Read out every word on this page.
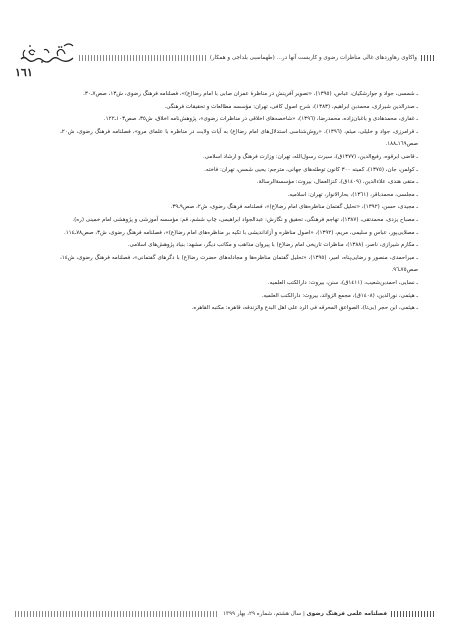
واکاوی رهاوردهای غالی مناظرات رضوی و کاربست آنها در... (طهماسبی بلداجی و همکار)
١٦١

ـ شمسی، جواد و جوارشکیان، عباس، (١٣٩٥)، «تصویر آفرینش در مناظرۀ عمران صابی با امام رضا(ع)»، فصلنامه فرهنگ رضوی، ش١٣، صص٧ـ٣٠.

ـ صدرالدین شیرازی، محمدبن ابراهیم، (١٣٨٣)، شرح اصول کافی، تهران: مؤسسه مطالعات و تحقیقات فرهنگی.

ـ غفاری، محمدهادی و باغبان‌زاده، محمدرضا، (١٣٩٦)، «شاخصه‌های اخلاقی در مناظرات رضوی»، پژوهش‌نامه اخلاق، ش٣٥، صص١٠٣ـ١٢٢.

ـ قرامرزی، جواد و خلیلی، میثم، (١٣٩٦)، «روش‌شناسی استدلال‌های امام رضا(ع) به آیات ولایت در مناظره با علمای مرو»، فصلنامه فرهنگ رضوی، ش٢٠، صص١٦٩ـ١٨٨.

ـ قاضی ابرقوه، رفیع‌الدین، (١٣٧٧ق)، سیرت رسول‌الله، تهران: وزارت فرهنگ و ارشاد اسلامی.

ـ کولمن، جان، (١٣٧٥)، کمیته ٣٠٠ کانون توطئه‌های جهانی، مترجم: یحیی شمس، تهران: فاخته.

ـ متقی هندی، علاءالدین، (١٤٠٩ق)، کنزالعمال، بیروت: مؤسسة‌الرسالة.

ـ مجلسی، محمدباقر، (١٣٦١)، بحارالانوار، تهران: اسلامیه.

ـ مجیدی، حسن، (١٣٩٢)، «تحلیل گفتمان مناظره‌های امام رضا(ع)»، فصلنامه فرهنگ رضوی، ش٢، صص٩ـ٣٩.

ـ مصباح یزدی، محمدتقی، (١٣٨٧)، تهاجم فرهنگی، تحقیق و نگارش: عبدالجواد ابراهیمی، چاپ ششم، قم: مؤسسه آموزشی و پژوهشی امام خمینی (ره).

ـ مصلایی‌پور، عباس و سلیمی، مریم، (١٣٩٢)، «اصول مناظره و آزاداندیشی با تکیه بر مناظره‌های امام رضا(ع)»، فصلنامه فرهنگ رضوی، ش٣، صص٧٨ـ١١٤.

ـ مکارم شیرازی، ناصر، (١٣٨٨)، مناظرات تاریخی امام رضا(ع) با پیروان مذاهب و مکاتب دیگر، مشهد: بنیاد پژوهش‌های اسلامی.

ـ میراحمدی، منصور و رضایی‌پناه، امیر، (١٣٩٥)، «تحلیل گفتمان مناظره‌ها و مجادله‌های حضرت رضا(ع) با دگرهای گفتمانی»، فصلنامه فرهنگ رضوی، ش١٤، صص٧٥ـ٩٦.

ـ نسایی، احمدبن‌شعیب، (١٤١١ق)، سنن، بیروت: دارالکتب العلمیه.

ـ هیثمی، نورالدین، (١٤٠٨ق)، مجمع الزوائد، بیروت: دارالکتب العلمیه.

ـ هیثمی، ابن حجر (بی‌تا)، الصواعق المحرقه فی الرد علی اهل البدع والزندقه، قاهره: مکتبه القاهره.

فصلنامه علمی فرهنگ رضوی | سال هشتم، شماره ٢٩، بهار ١٣٩٩
